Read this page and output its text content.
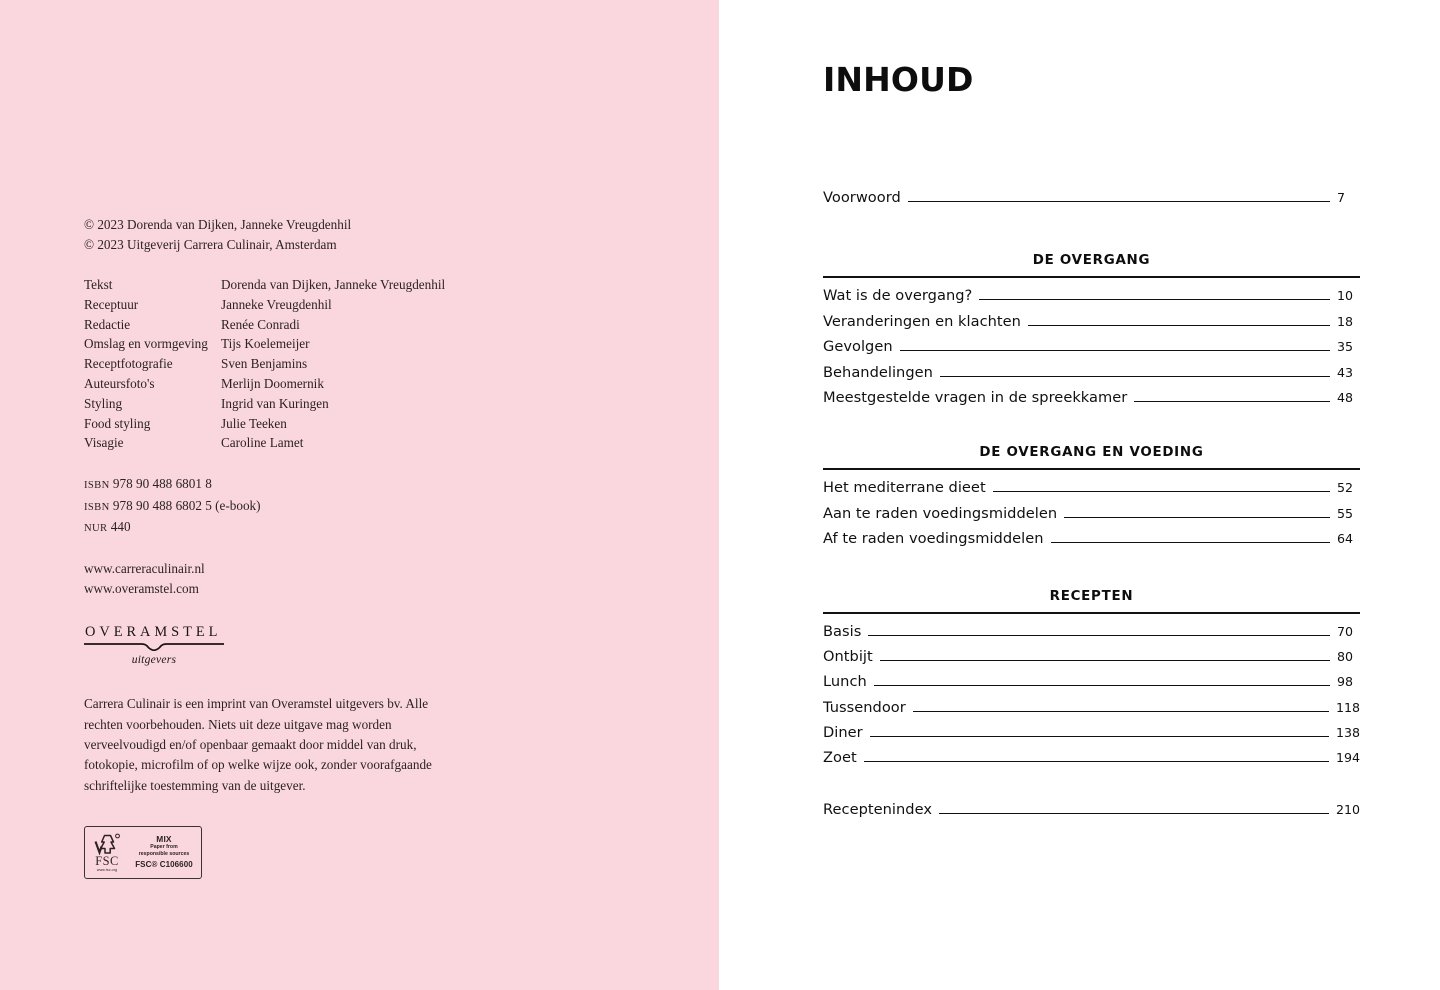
© 2023 Dorenda van Dijken, Janneke Vreugdenhil
© 2023 Uitgeverij Carrera Culinair, Amsterdam
Tekst	Dorenda van Dijken, Janneke Vreugdenhil
Receptuur	Janneke Vreugdenhil
Redactie	Renée Conradi
Omslag en vormgeving	Tijs Koelemeijer
Receptfotografie	Sven Benjamins
Auteursfoto's	Merlijn Doomernik
Styling	Ingrid van Kuringen
Food styling	Julie Teeken
Visagie	Caroline Lamet
ISBN 978 90 488 6801 8
ISBN 978 90 488 6802 5 (e-book)
NUR 440
www.carreraculinair.nl
www.overamstel.com
OVERAMSTEL
uitgevers
Carrera Culinair is een imprint van Overamstel uitgevers bv. Alle rechten voorbehouden. Niets uit deze uitgave mag worden verveelvoudigd en/of openbaar gemaakt door middel van druk, fotokopie, microfilm of op welke wijze ook, zonder voorafgaande schriftelijke toestemming van de uitgever.
FSC
www.fsc.org
MIX
Paper from
responsible sources
FSC® C106600
INHOUD
Voorwoord	7
DE OVERGANG
Wat is de overgang?	10
Veranderingen en klachten	18
Gevolgen	35
Behandelingen	43
Meestgestelde vragen in de spreekkamer	48
DE OVERGANG EN VOEDING
Het mediterrane dieet	52
Aan te raden voedingsmiddelen	55
Af te raden voedingsmiddelen	64
RECEPTEN
Basis	70
Ontbijt	80
Lunch	98
Tussendoor	118
Diner	138
Zoet	194
Receptenindex	210
